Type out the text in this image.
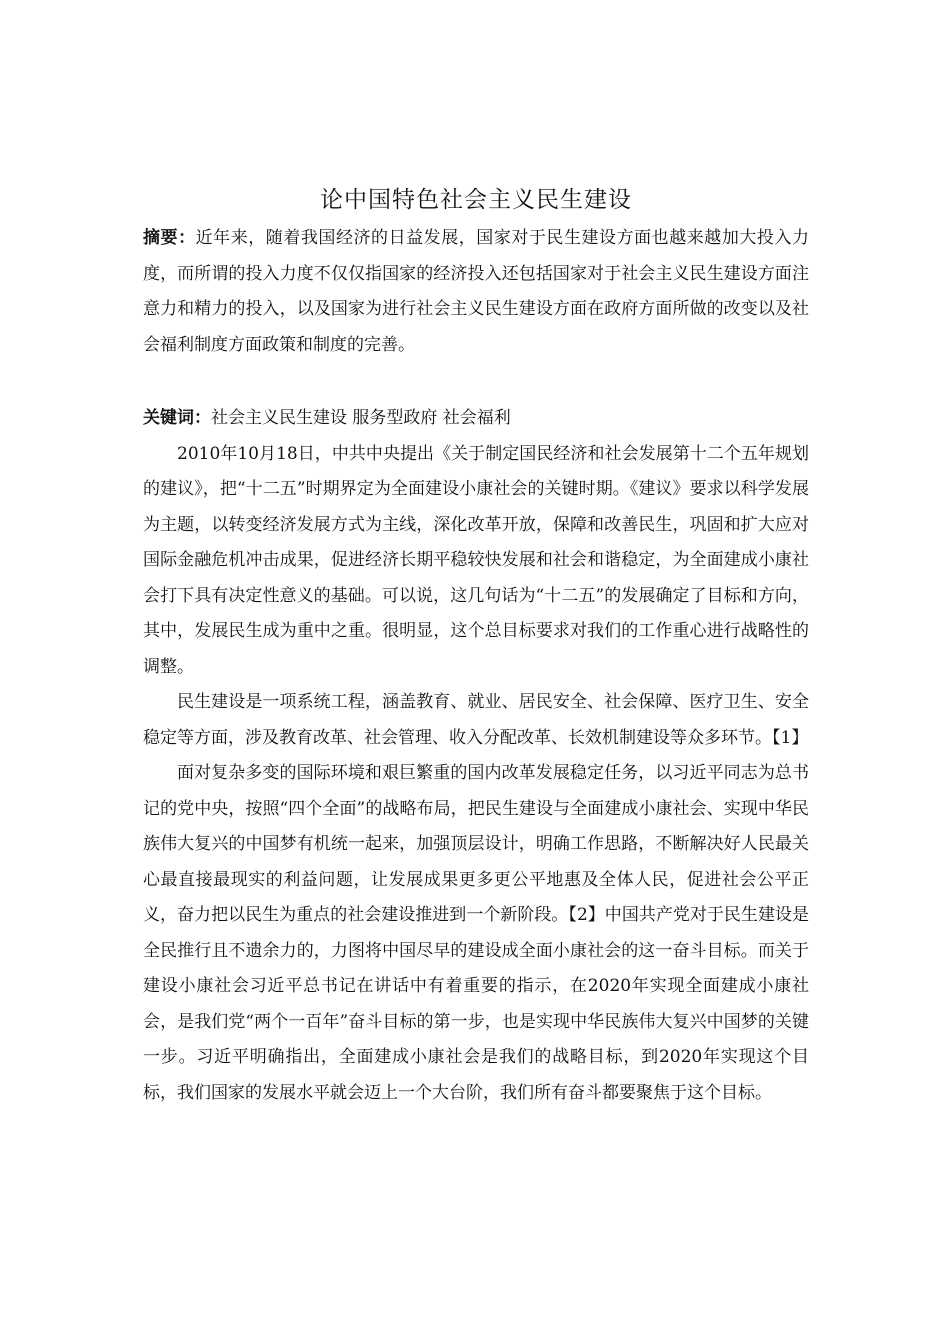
论中国特色社会主义民生建设

摘要：近年来，随着我国经济的日益发展，国家对于民生建设方面也越来越加大投入力度，而所谓的投入力度不仅仅指国家的经济投入还包括国家对于社会主义民生建设方面注意力和精力的投入，以及国家为进行社会主义民生建设方面在政府方面所做的改变以及社会福利制度方面政策和制度的完善。

关键词：社会主义民生建设 服务型政府 社会福利

2010年10月18日，中共中央提出《关于制定国民经济和社会发展第十二个五年规划的建议》，把“十二五”时期界定为全面建设小康社会的关键时期。《建议》要求以科学发展为主题，以转变经济发展方式为主线，深化改革开放，保障和改善民生，巩固和扩大应对国际金融危机冲击成果，促进经济长期平稳较快发展和社会和谐稳定，为全面建成小康社会打下具有决定性意义的基础。可以说，这几句话为“十二五”的发展确定了目标和方向，其中，发展民生成为重中之重。很明显，这个总目标要求对我们的工作重心进行战略性的调整。

民生建设是一项系统工程，涵盖教育、就业、居民安全、社会保障、医疗卫生、安全稳定等方面，涉及教育改革、社会管理、收入分配改革、长效机制建设等众多环节。【1】

面对复杂多变的国际环境和艰巨繁重的国内改革发展稳定任务，以习近平同志为总书记的党中央，按照“四个全面”的战略布局，把民生建设与全面建成小康社会、实现中华民族伟大复兴的中国梦有机统一起来，加强顶层设计，明确工作思路，不断解决好人民最关心最直接最现实的利益问题，让发展成果更多更公平地惠及全体人民，促进社会公平正义，奋力把以民生为重点的社会建设推进到一个新阶段。【2】中国共产党对于民生建设是全民推行且不遗余力的，力图将中国尽早的建设成全面小康社会的这一奋斗目标。而关于建设小康社会习近平总书记在讲话中有着重要的指示，在2020年实现全面建成小康社会，是我们党“两个一百年”奋斗目标的第一步，也是实现中华民族伟大复兴中国梦的关键一步。习近平明确指出，全面建成小康社会是我们的战略目标，到2020年实现这个目标，我们国家的发展水平就会迈上一个大台阶，我们所有奋斗都要聚焦于这个目标。
